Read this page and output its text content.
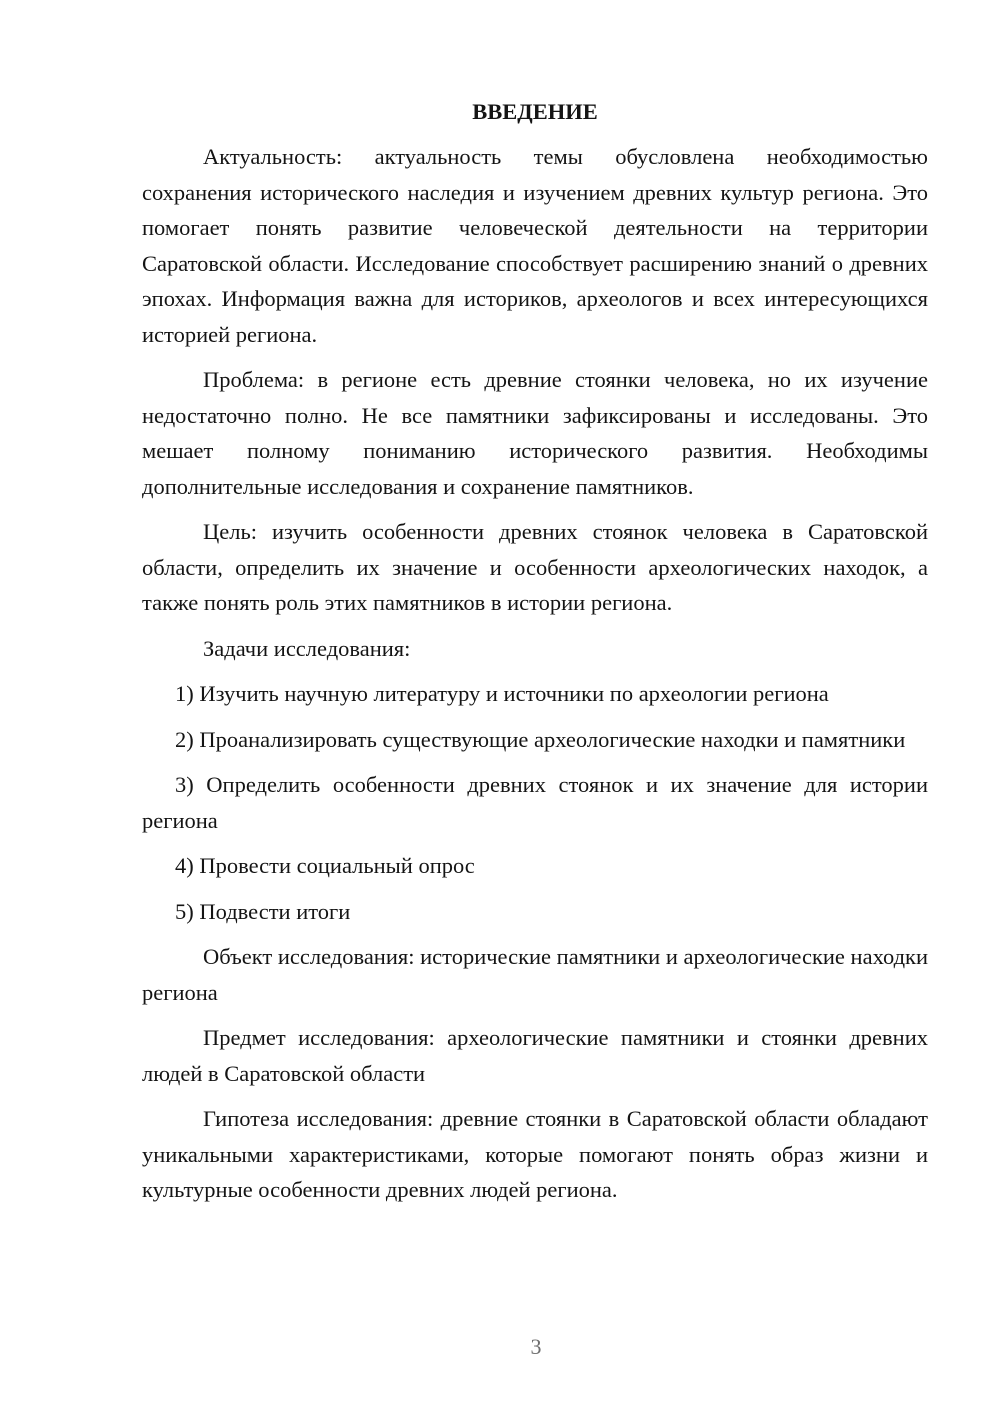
ВВЕДЕНИЕ

Актуальность: актуальность темы обусловлена необходимостью сохранения исторического наследия и изучением древних культур региона. Это помогает понять развитие человеческой деятельности на территории Саратовской области. Исследование способствует расширению знаний о древних эпохах. Информация важна для историков, археологов и всех интересующихся историей региона.

Проблема: в регионе есть древние стоянки человека, но их изучение недостаточно полно. Не все памятники зафиксированы и исследованы. Это мешает полному пониманию исторического развития. Необходимы дополнительные исследования и сохранение памятников.

Цель: изучить особенности древних стоянок человека в Саратовской области, определить их значение и особенности археологических находок, а также понять роль этих памятников в истории региона.

Задачи исследования:

1) Изучить научную литературу и источники по археологии региона

2) Проанализировать существующие археологические находки и памятники

3) Определить особенности древних стоянок и их значение для истории региона

4) Провести социальный опрос

5) Подвести итоги

Объект исследования: исторические памятники и археологические находки региона

Предмет исследования: археологические памятники и стоянки древних людей в Саратовской области

Гипотеза исследования: древние стоянки в Саратовской области обладают уникальными характеристиками, которые помогают понять образ жизни и культурные особенности древних людей региона.

3
